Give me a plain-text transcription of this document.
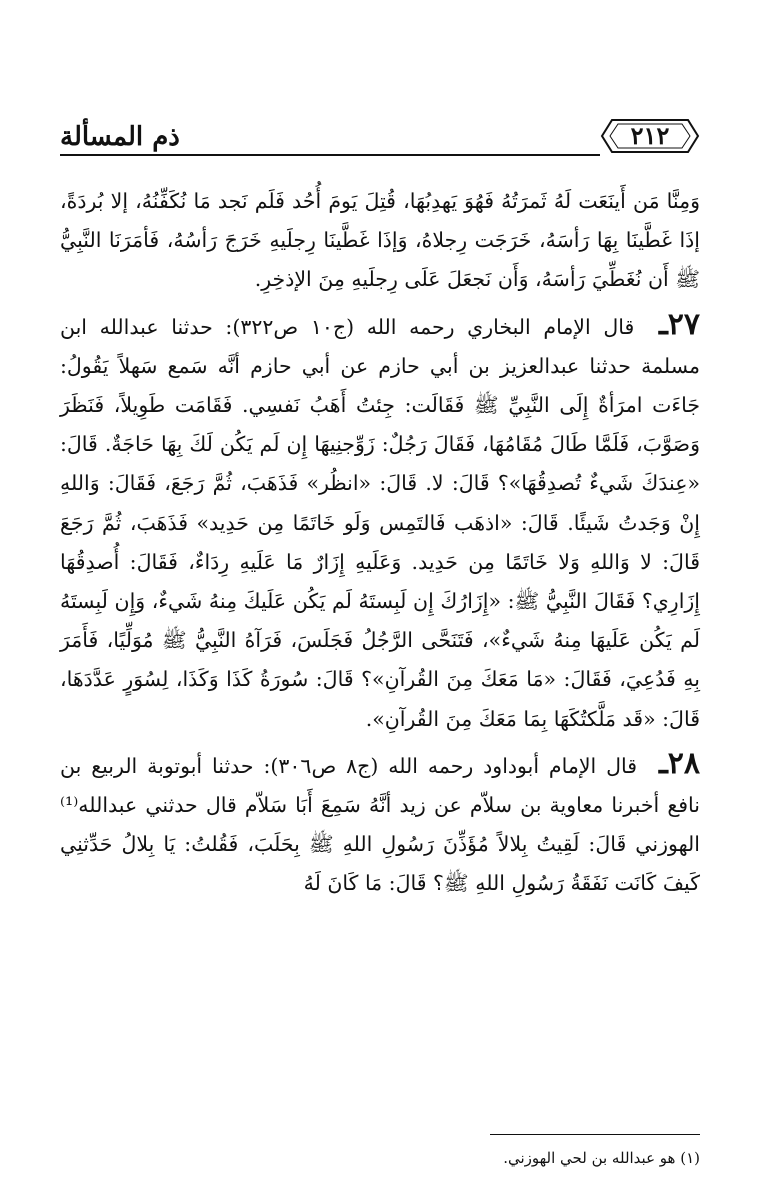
٢١٢
ذم المسألة

وَمِنَّا مَن أَينَعَت لَهُ ثَمرَتُهُ فَهُوَ يَهدِبُهَا، قُتِلَ يَومَ أُحُد فَلَم نَجد مَا نُكَفِّنُهُ، إلا بُردَةً، إذَا غَطَّينَا بِهَا رَأسَهُ، خَرَجَت رِجلاهُ، وَإذَا غَطَّينَا رِجلَيهِ خَرَجَ رَأسُهُ، فَأمَرَنَا النَّبِيُّ ﷺ أَن نُغَطِّيَ رَأسَهُ، وَأَن نَجعَلَ عَلَى رِجلَيهِ مِنَ الإذخِرِ.

٢٧ـ قال الإمام البخاري رحمه الله (ج١٠ ص٣٢٢): حدثنا عبدالله ابن مسلمة حدثنا عبدالعزيز بن أبي حازم عن أبي حازم أنَّه سَمع سَهلاً يَقُولُ: جَاءَت امرَأةٌ إِلَى النَّبِيِّ ﷺ فَقَالَت: جِئتُ أَهَبُ نَفسِي. فَقَامَت طَوِيلاً، فَنَظَرَ وَصَوَّبَ، فَلَمَّا طَالَ مُقَامُهَا، فَقَالَ رَجُلٌ: زَوِّجنِيهَا إِن لَم يَكُن لَكَ بِهَا حَاجَةٌ. قَالَ: «عِندَكَ شَيءٌ تُصدِقُهَا»؟ قَالَ: لا. قَالَ: «انظُر» فَذَهَبَ، ثُمَّ رَجَعَ، فَقَالَ: وَاللهِ إِنْ وَجَدتُ شَيئًا. قَالَ: «اذهَب فَالتَمِس وَلَو خَاتَمًا مِن حَدِيد» فَذَهَبَ، ثُمَّ رَجَعَ قَالَ: لا وَاللهِ وَلا خَاتَمًا مِن حَدِيد. وَعَلَيهِ إِزَارٌ مَا عَلَيهِ رِدَاءٌ، فَقَالَ: أُصدِقُهَا إِزَارِي؟ فَقَالَ النَّبِيُّ ﷺ: «إِزَارُكَ إِن لَبِستَهُ لَم يَكُن عَلَيكَ مِنهُ شَيءٌ، وَإِن لَبِستَهُ لَم يَكُن عَلَيهَا مِنهُ شَيءٌ»، فَتَنَحَّى الرَّجُلُ فَجَلَسَ، فَرَآهُ النَّبِيُّ ﷺ مُوَلِّيًا، فَأَمَرَ بِهِ فَدُعِيَ، فَقَالَ: «مَا مَعَكَ مِنَ القُرآنِ»؟ قَالَ: سُورَةُ كَذَا وَكَذَا، لِسُوَرٍ عَدَّدَهَا، قَالَ: «قَد مَلَّكتُكَهَا بِمَا مَعَكَ مِنَ القُرآنِ».

٢٨ـ قال الإمام أبوداود رحمه الله (ج٨ ص٣٠٦): حدثنا أبوتوبة الربيع بن نافع أخبرنا معاوية بن سلاّم عن زيد أنَّهُ سَمِعَ أَبَا سَلاّم قال حدثني عبدالله⁽¹⁾ الهوزني قَالَ: لَقِيتُ بِلالاً مُؤَذِّنَ رَسُولِ اللهِ ﷺ بِحَلَبَ، فَقُلتُ: يَا بِلالُ حَدِّثنِي كَيفَ كَانَت نَفَقَةُ رَسُولِ اللهِ ﷺ؟ قَالَ: مَا كَانَ لَهُ

(١) هو عبدالله بن لحي الهوزني.
